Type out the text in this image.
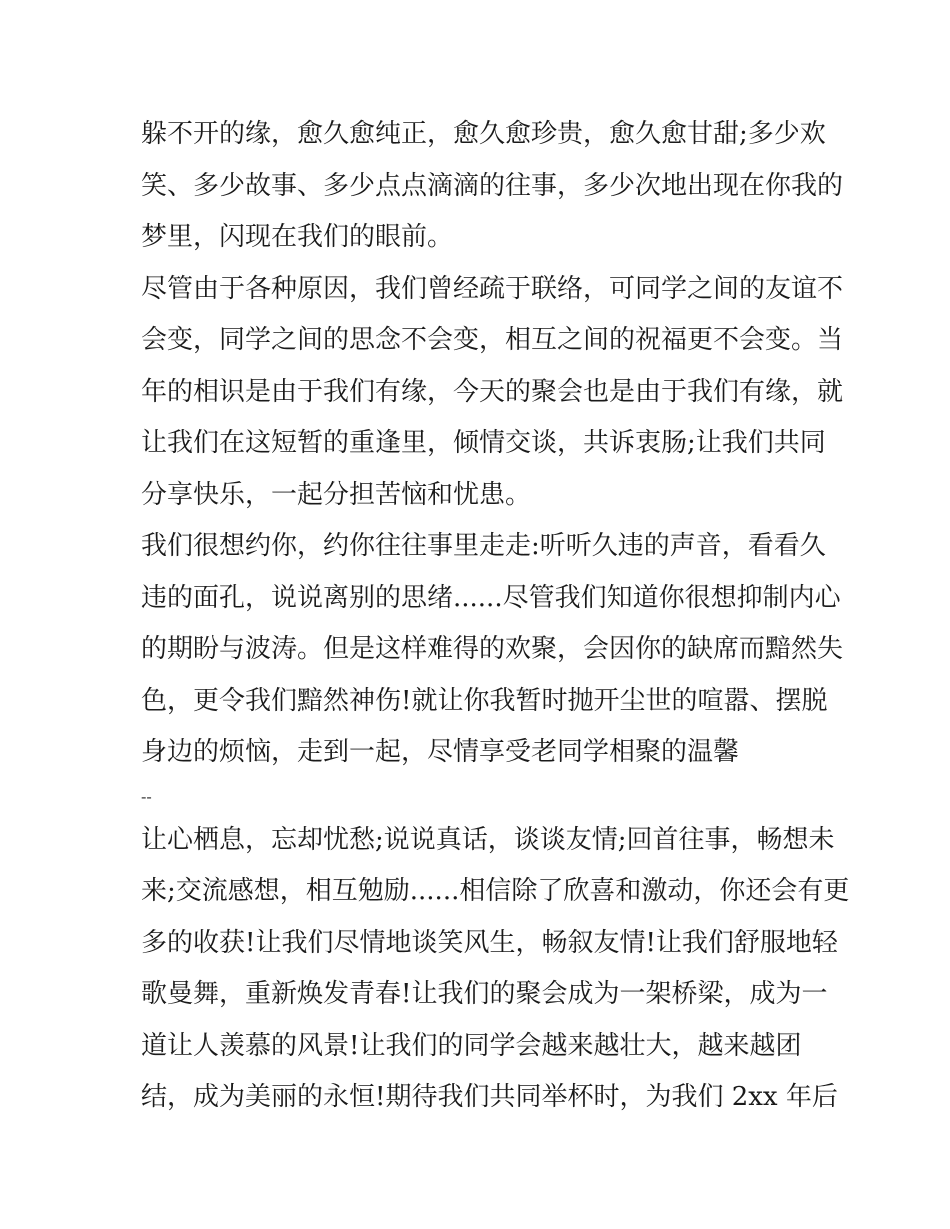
躲不开的缘，愈久愈纯正，愈久愈珍贵，愈久愈甘甜;多少欢
笑、多少故事、多少点点滴滴的往事，多少次地出现在你我的
梦里，闪现在我们的眼前。
尽管由于各种原因，我们曾经疏于联络，可同学之间的友谊不
会变，同学之间的思念不会变，相互之间的祝福更不会变。当
年的相识是由于我们有缘，今天的聚会也是由于我们有缘，就
让我们在这短暂的重逢里，倾情交谈，共诉衷肠;让我们共同
分享快乐，一起分担苦恼和忧患。
我们很想约你，约你往往事里走走:听听久违的声音，看看久
违的面孔，说说离别的思绪......尽管我们知道你很想抑制内心
的期盼与波涛。但是这样难得的欢聚，会因你的缺席而黯然失
色，更令我们黯然神伤!就让你我暂时抛开尘世的喧嚣、摆脱
身边的烦恼，走到一起，尽情享受老同学相聚的温馨
--
让心栖息，忘却忧愁;说说真话，谈谈友情;回首往事，畅想未
来;交流感想，相互勉励......相信除了欣喜和激动，你还会有更
多的收获!让我们尽情地谈笑风生，畅叙友情!让我们舒服地轻
歌曼舞，重新焕发青春!让我们的聚会成为一架桥梁，成为一
道让人羡慕的风景!让我们的同学会越来越壮大，越来越团
结，成为美丽的永恒!期待我们共同举杯时，为我们 2xx 年后
